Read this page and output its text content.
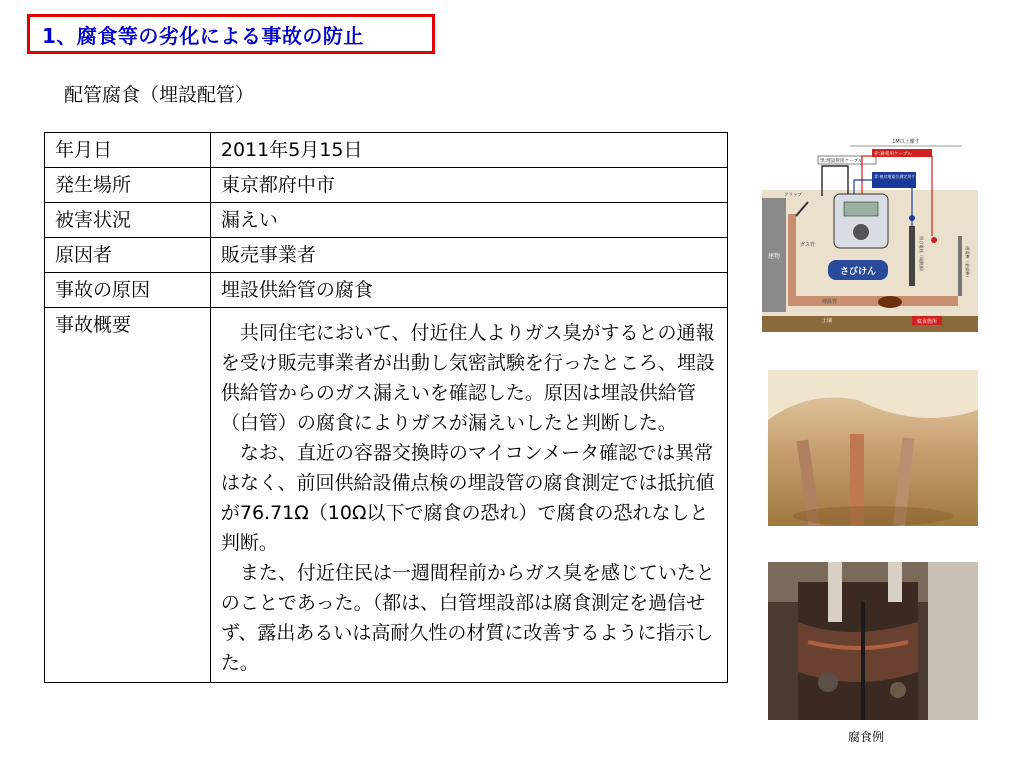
1、腐食等の劣化による事故の防止
配管腐食（埋設配管）
年月日	2011年5月15日
発生場所	東京都府中市
被害状況	漏えい
原因者	販売事業者
事故の原因	埋設供給管の腐食
事故概要	共同住宅において、付近住人よりガス臭がするとの通報を受け販売事業者が出動し気密試験を行ったところ、埋設供給管からのガス漏えいを確認した。原因は埋設供給管（白管）の腐食によりガスが漏えいしたと判断した。

なお、直近の容器交換時のマイコンメータ確認では異常はなく、前回供給設備点検の埋設管の腐食測定では抵抗値が76.71Ω（10Ω以下で腐食の恐れ）で腐食の恐れなしと判断。

また、付近住民は一週間程前からガス臭を感じていたとのことであった。（都は、白管埋設部は腐食測定を過信せず、露出あるいは高耐久性の材質に改善するように指示した。

建物
ガス管
埋設管
土壌	腐食箇所
1M以上離す
黒:埋設管用ケーブル
赤:通電用ケーブル
青:被対地電位測定用ケーブル
さびけん
クリップ
照合電極（硫酸銅）	通電棒（金属棒）
腐食例
